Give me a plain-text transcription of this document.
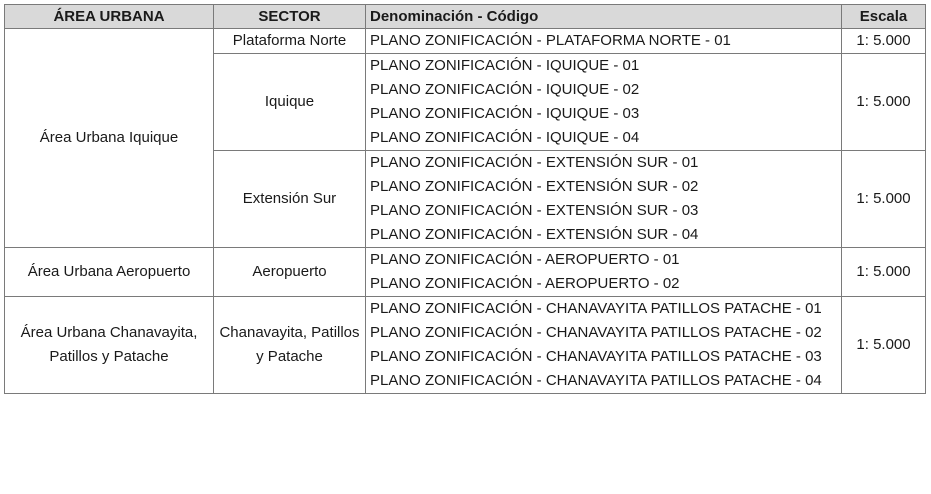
ÁREA URBANA	SECTOR	Denominación - Código	Escala
Área Urbana Iquique	Plataforma Norte	PLANO ZONIFICACIÓN - PLATAFORMA NORTE - 01	1: 5.000
	Iquique	PLANO ZONIFICACIÓN - IQUIQUE - 01
PLANO ZONIFICACIÓN - IQUIQUE - 02
PLANO ZONIFICACIÓN - IQUIQUE - 03
PLANO ZONIFICACIÓN - IQUIQUE - 04	1: 5.000
	Extensión Sur	PLANO ZONIFICACIÓN - EXTENSIÓN SUR - 01
PLANO ZONIFICACIÓN - EXTENSIÓN SUR - 02
PLANO ZONIFICACIÓN - EXTENSIÓN SUR - 03
PLANO ZONIFICACIÓN - EXTENSIÓN SUR - 04	1: 5.000
Área Urbana Aeropuerto	Aeropuerto	PLANO ZONIFICACIÓN - AEROPUERTO - 01
PLANO ZONIFICACIÓN - AEROPUERTO - 02	1: 5.000
Área Urbana Chanavayita, Patillos y Patache	Chanavayita, Patillos y Patache	PLANO ZONIFICACIÓN - CHANAVAYITA PATILLOS PATACHE - 01
PLANO ZONIFICACIÓN - CHANAVAYITA PATILLOS PATACHE - 02
PLANO ZONIFICACIÓN - CHANAVAYITA PATILLOS PATACHE - 03
PLANO ZONIFICACIÓN - CHANAVAYITA PATILLOS PATACHE - 04	1: 5.000
